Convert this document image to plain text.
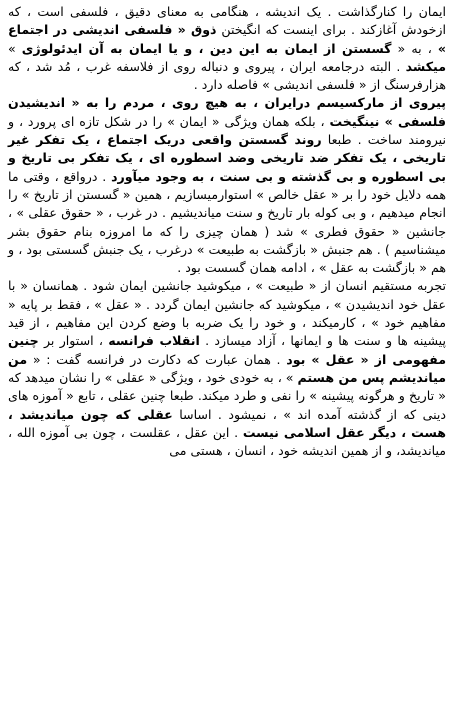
ایمان را کنارگذاشت . یک اندیشه ، هنگامی به معنای دقیق ، فلسفی است ، که ازخودش آغازکند . برای اینست که انگیختن ذوق « فلسفی اندیشی در اجتماع » ، به « گسستن از ایمان به این دین ، و یا ایمان به آن ایدئولوژی » میکشد . البته درجامعه ایران ، پیروی و دنباله روی از فلاسفه غرب ، مُد شد ، که هزارفرسنگ از « فلسفی اندیشی » فاصله دارد .

پیروی از مارکسیسم درایران ، به هیچ روی ، مردم را به « اندیشیدن فلسفی » نینگیخت ، بلکه همان ویژگی « ایمان » را در شکل تازه ای پرورد ، و نیرومند ساخت . طبعا روند گسستن واقعی دریک اجتماع ، یک تفکر غیر تاریخی ، یک تفکر ضد تاریخی وضد اسطوره ای ، یک تفکر بی تاریخ و بی اسطوره و بی گذشته و بی سنت ، به وجود میآورد . درواقع ، وقتی ما همه دلایل خود را بر « عقل خالص » استوارمیسازیم ، همین « گسستن از تاریخ » را انجام میدهیم ، و بی کوله بار تاریخ و سنت میاندیشیم . در غرب ، « حقوق عقلی » ، جانشین « حقوق فطری » شد ( همان چیزی را که ما امروزه بنام حقوق بشر میشناسیم ) . هم جنبش « بازگشت به طبیعت » درغرب ، یک جنبش گسستی بود ، و هم « بازگشت به عقل » ، ادامه همان گسست بود .

تجربه مستقیم انسان از « طبیعت » ، میکوشید جانشین ایمان شود . همانسان « با عقل خود اندیشیدن » ، میکوشید که جانشین ایمان گردد . « عقل » ، فقط بر پایه « مفاهیم خود » ، کارمیکند ، و خود را یک ضربه با وضع کردن این مفاهیم ، از قید پیشینه ها و سنت ها و ایمانها ، آزاد میسازد . انقلاب فرانسه ، استوار بر چنین مفهومی از « عقل » بود . همان عبارت که دکارت در فرانسه گفت : « من میاندیشم پس من هستم » ، به خودی خود ، ویژگی « عقلی » را نشان میدهد که « تاریخ و هرگونه پیشینه » را نفی و طرد میکند. طبعا چنین عقلی ، تابع « آموزه های دینی که از گذشته آمده اند » ، نمیشود . اساسا عقلی که چون میاندیشد ، هست ، دیگر عقل اسلامی نیست . این عقل ، عقلست ، چون بی آموزه الله ، میاندیشد، و از همین اندیشه خود ، انسان ، هستی می
